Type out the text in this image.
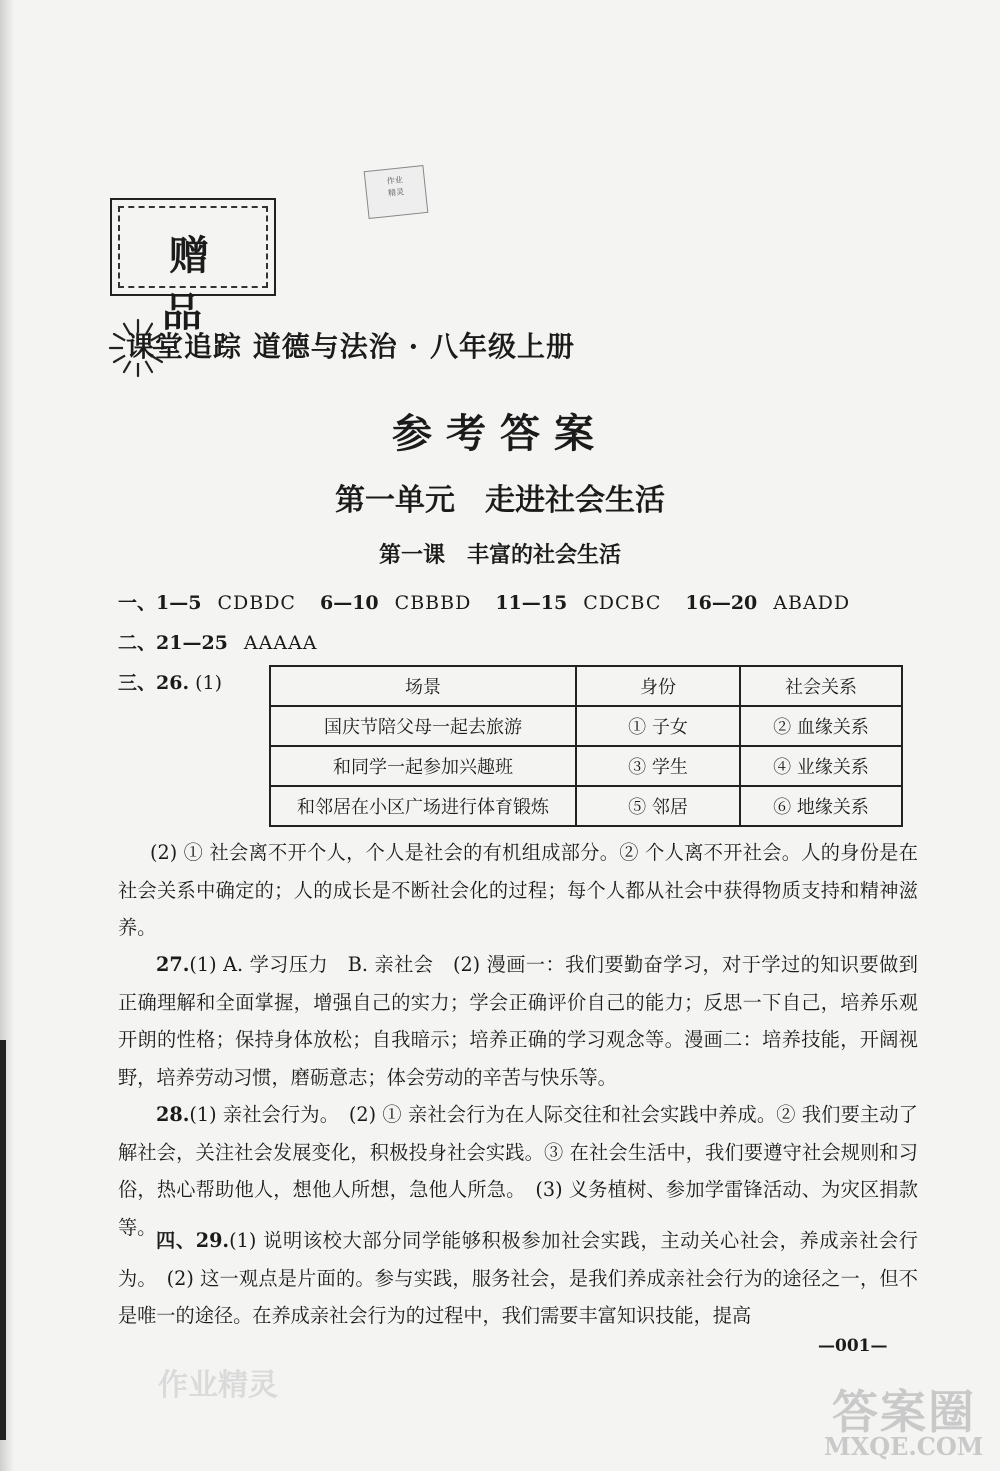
作业
精灵
赠 品
课堂追踪 道德与法治 · 八年级上册
参考答案
第一单元　走进社会生活
第一课　丰富的社会生活
一、1—5 CDBDC 6—10 CBBBD 11—15 CDCBC 16—20 ABADD
二、21—25 AAAAA
三、26. (1)	场景	身份	社会关系
国庆节陪父母一起去旅游	① 子女	② 血缘关系
和同学一起参加兴趣班	③ 学生	④ 业缘关系
和邻居在小区广场进行体育锻炼	⑤ 邻居	⑥ 地缘关系
(2) ① 社会离不开个人，个人是社会的有机组成部分。② 个人离不开社会。人的身份是在社会关系中确定的；人的成长是不断社会化的过程；每个人都从社会中获得物质支持和精神滋养。
27.(1) A. 学习压力　B. 亲社会　(2) 漫画一：我们要勤奋学习，对于学过的知识要做到正确理解和全面掌握，增强自己的实力；学会正确评价自己的能力；反思一下自己，培养乐观开朗的性格；保持身体放松；自我暗示；培养正确的学习观念等。漫画二：培养技能，开阔视野，培养劳动习惯，磨砺意志；体会劳动的辛苦与快乐等。
28.(1) 亲社会行为。　(2) ① 亲社会行为在人际交往和社会实践中养成。② 我们要主动了解社会，关注社会发展变化，积极投身社会实践。③ 在社会生活中，我们要遵守社会规则和习俗，热心帮助他人，想他人所想，急他人所急。　(3) 义务植树、参加学雷锋活动、为灾区捐款等。
四、29.(1) 说明该校大部分同学能够积极参加社会实践，主动关心社会，养成亲社会行为。　(2) 这一观点是片面的。参与实践，服务社会，是我们养成亲社会行为的途径之一，但不是唯一的途径。在养成亲社会行为的过程中，我们需要丰富知识技能，提高
—001—
作业精灵	答案圈
MXQE.COM
